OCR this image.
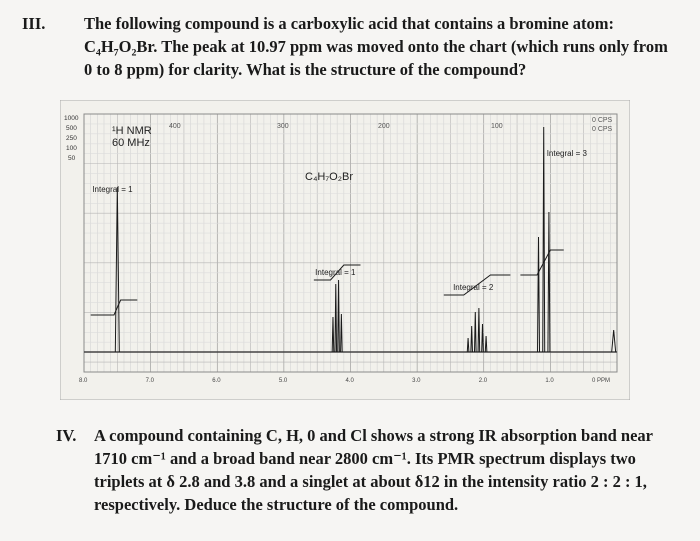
III. The following compound is a carboxylic acid that contains a bromine atom: C₄H₇O₂Br. The peak at 10.97 ppm was moved onto the chart (which runs only from 0 to 8 ppm) for clarity. What is the structure of the compound?
1000
500
250
100
50
¹H NMR
60 MHz
400	300	200	100
0 CPS
0 CPS
C₄H₇O₂Br
Integral = 1
Integral = 1
Integral = 2
Integral = 3
8.0	7.0	6.0	5.0	4.0	3.0	2.0	1.0	0 PPM
IV. A compound containing C, H, 0 and Cl shows a strong IR absorption band near 1710 cm⁻¹ and a broad band near 2800 cm⁻¹. Its PMR spectrum displays two triplets at δ 2.8 and 3.8 and a singlet at about δ12 in the intensity ratio 2 : 2 : 1, respectively. Deduce the structure of the compound.
